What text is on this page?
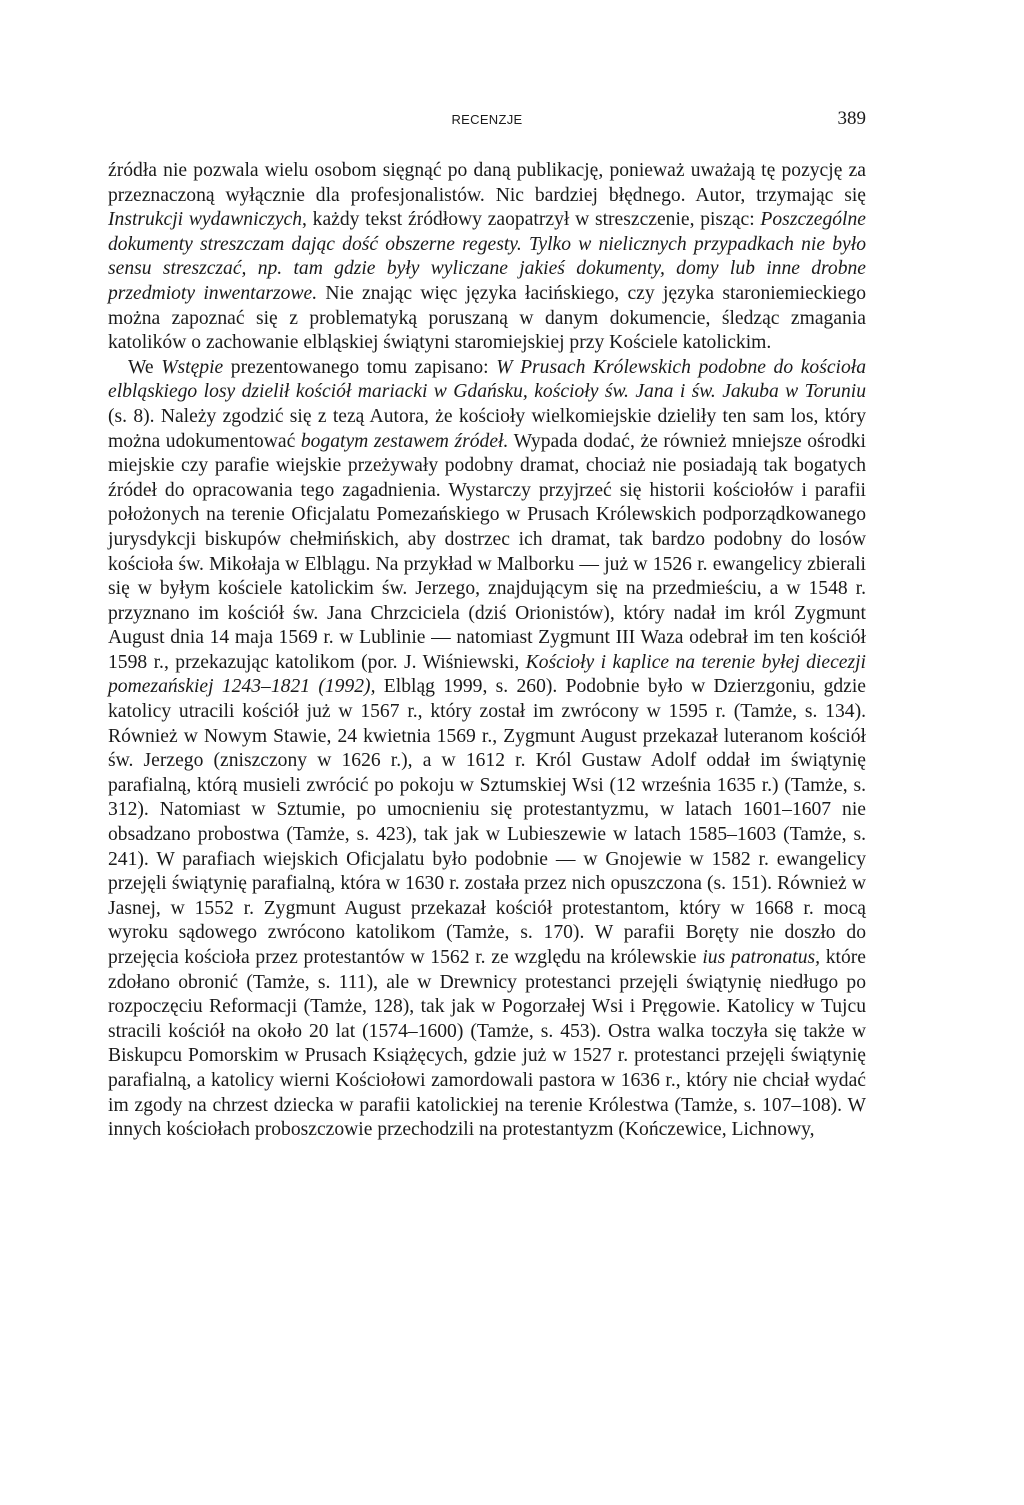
RECENZJE	389

źródła nie pozwala wielu osobom sięgnąć po daną publikację, ponieważ uważają tę pozycję za przeznaczoną wyłącznie dla profesjonalistów. Nic bardziej błędnego. Autor, trzymając się Instrukcji wydawniczych, każdy tekst źródłowy zaopatrzył w streszczenie, pisząc: Poszczególne dokumenty streszczam dając dość obszerne regesty. Tylko w nielicznych przypadkach nie było sensu streszczać, np. tam gdzie były wyliczane jakieś dokumenty, domy lub inne drobne przedmioty inwentarzowe. Nie znając więc języka łacińskiego, czy języka staroniemieckiego można zapoznać się z problematyką poruszaną w danym dokumencie, śledząc zmagania katolików o zachowanie elbląskiej świątyni staromiejskiej przy Kościele katolickim.

We Wstępie prezentowanego tomu zapisano: W Prusach Królewskich podobne do kościoła elbląskiego losy dzielił kościół mariacki w Gdańsku, kościoły św. Jana i św. Jakuba w Toruniu (s. 8). Należy zgodzić się z tezą Autora, że kościoły wielkomiejskie dzieliły ten sam los, który można udokumentować bogatym zestawem źródeł. Wypada dodać, że również mniejsze ośrodki miejskie czy parafie wiejskie przeżywały podobny dramat, chociaż nie posiadają tak bogatych źródeł do opracowania tego zagadnienia. Wystarczy przyjrzeć się historii kościołów i parafii położonych na terenie Oficjalatu Pomezańskiego w Prusach Królewskich podporządkowanego jurysdykcji biskupów chełmińskich, aby dostrzec ich dramat, tak bardzo podobny do losów kościoła św. Mikołaja w Elblągu. Na przykład w Malborku — już w 1526 r. ewangelicy zbierali się w byłym kościele katolickim św. Jerzego, znajdującym się na przedmieściu, a w 1548 r. przyznano im kościół św. Jana Chrzciciela (dziś Orionistów), który nadał im król Zygmunt August dnia 14 maja 1569 r. w Lublinie — natomiast Zygmunt III Waza odebrał im ten kościół 1598 r., przekazując katolikom (por. J. Wiśniewski, Kościoły i kaplice na terenie byłej diecezji pomezańskiej 1243–1821 (1992), Elbląg 1999, s. 260). Podobnie było w Dzierzgoniu, gdzie katolicy utracili kościół już w 1567 r., który został im zwrócony w 1595 r. (Tamże, s. 134). Również w Nowym Stawie, 24 kwietnia 1569 r., Zygmunt August przekazał luteranom kościół św. Jerzego (zniszczony w 1626 r.), a w 1612 r. Król Gustaw Adolf oddał im świątynię parafialną, którą musieli zwrócić po pokoju w Sztumskiej Wsi (12 września 1635 r.) (Tamże, s. 312). Natomiast w Sztumie, po umocnieniu się protestantyzmu, w latach 1601–1607 nie obsadzano probostwa (Tamże, s. 423), tak jak w Lubieszewie w latach 1585–1603 (Tamże, s. 241). W parafiach wiejskich Oficjalatu było podobnie — w Gnojewie w 1582 r. ewangelicy przejęli świątynię parafialną, która w 1630 r. została przez nich opuszczona (s. 151). Również w Jasnej, w 1552 r. Zygmunt August przekazał kościół protestantom, który w 1668 r. mocą wyroku sądowego zwrócono katolikom (Tamże, s. 170). W parafii Boręty nie doszło do przejęcia kościoła przez protestantów w 1562 r. ze względu na królewskie ius patronatus, które zdołano obronić (Tamże, s. 111), ale w Drewnicy protestanci przejęli świątynię niedługo po rozpoczęciu Reformacji (Tamże, 128), tak jak w Pogorzałej Wsi i Pręgowie. Katolicy w Tujcu stracili kościół na około 20 lat (1574–1600) (Tamże, s. 453). Ostra walka toczyła się także w Biskupcu Pomorskim w Prusach Książęcych, gdzie już w 1527 r. protestanci przejęli świątynię parafialną, a katolicy wierni Kościołowi zamordowali pastora w 1636 r., który nie chciał wydać im zgody na chrzest dziecka w parafii katolickiej na terenie Królestwa (Tamże, s. 107–108). W innych kościołach proboszczowie przechodzili na protestantyzm (Kończewice, Lichnowy,
